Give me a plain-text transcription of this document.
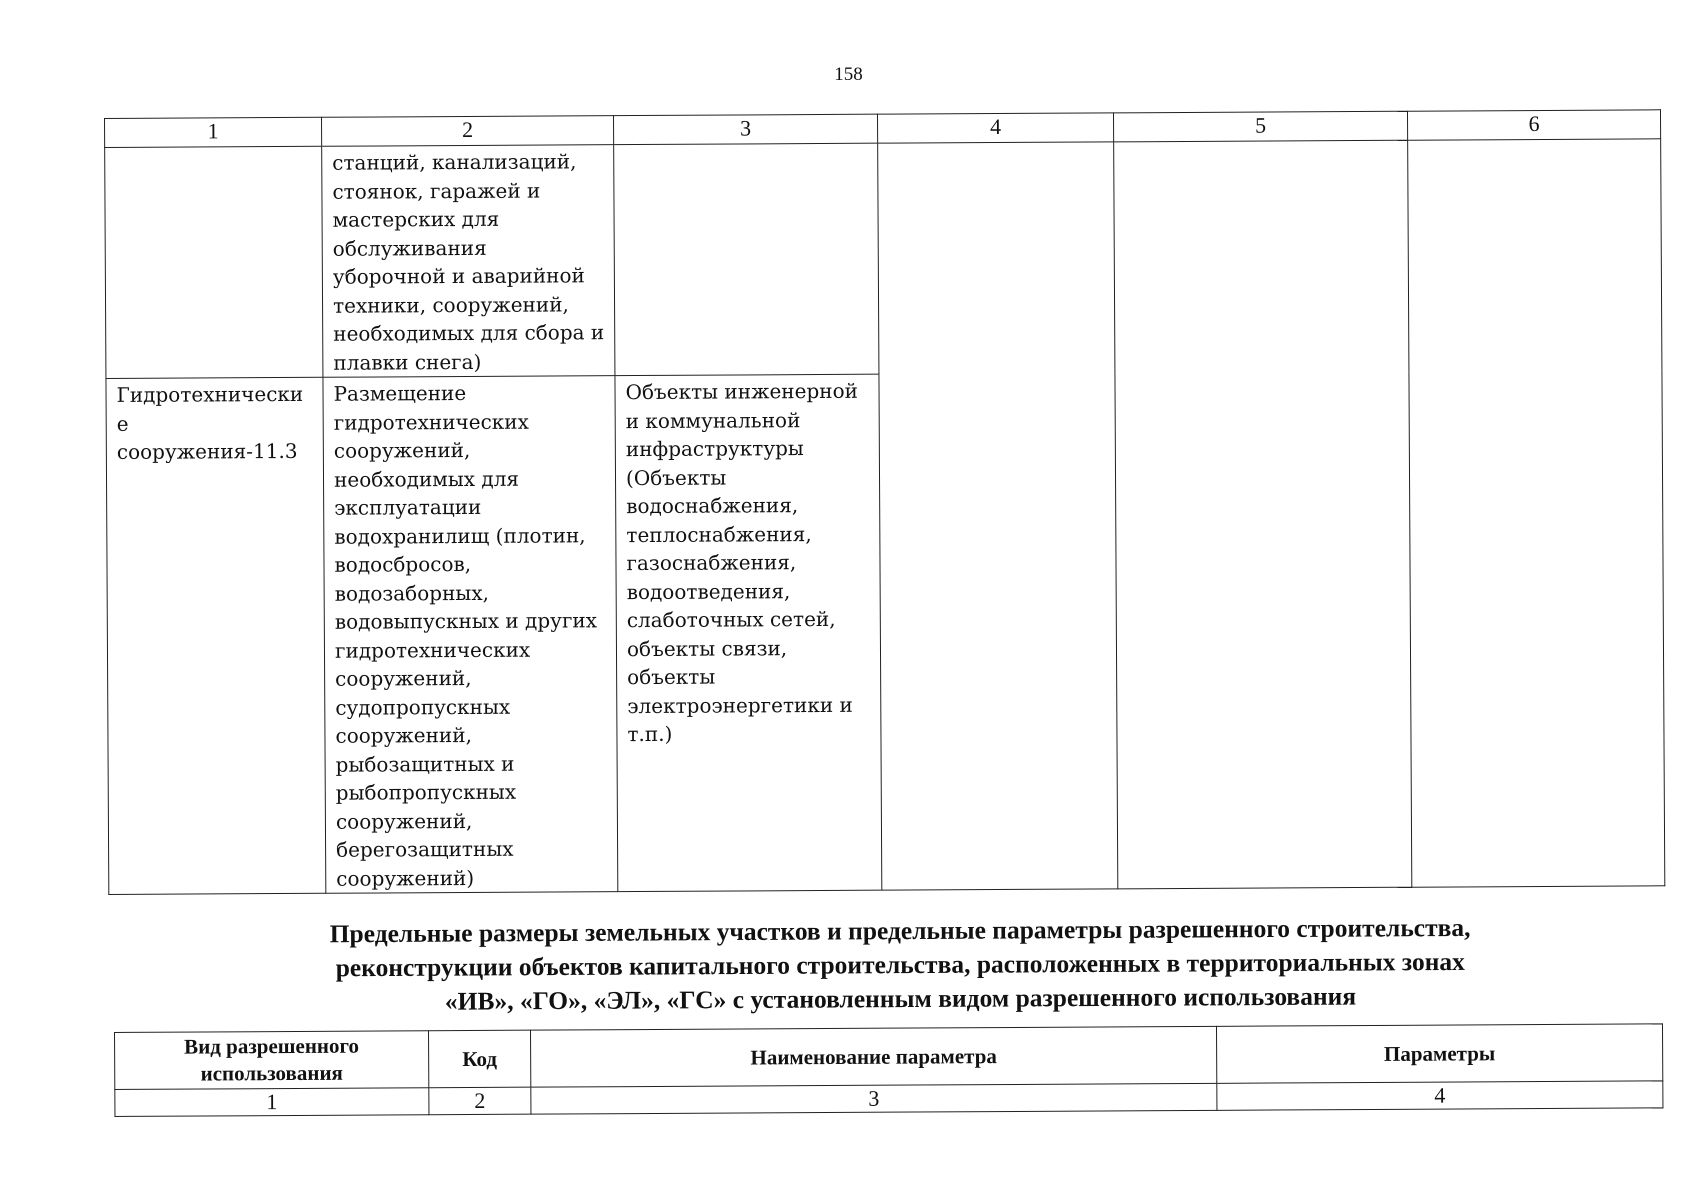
158
1	2	3	4	5	6

	станций, канализаций, стоянок, гаражей и мастерских для обслуживания уборочной и аварийной техники, сооружений, необходимых для сбора и плавки снега)				

Гидротехнически е сооружения-11.3	Размещение гидротехнических сооружений, необходимых для эксплуатации водохранилищ (плотин, водосбросов, водозаборных, водовыпускных и других гидротехнических сооружений, судопропускных сооружений, рыбозащитных и рыбопропускных сооружений, берегозащитных сооружений)	Объекты инженерной и коммунальной инфраструктуры (Объекты водоснабжения, теплоснабжения, газоснабжения, водоотведения, слаботочных сетей, объекты связи, объекты электроэнергетики и т.п.)			
Предельные размеры земельных участков и предельные параметры разрешенного строительства,
реконструкции объектов капитального строительства, расположенных в территориальных зонах
«ИВ», «ГО», «ЭЛ», «ГС» с установленным видом разрешенного использования
Вид разрешенного использования	Код	Наименование параметра	Параметры
1	2	3	4
